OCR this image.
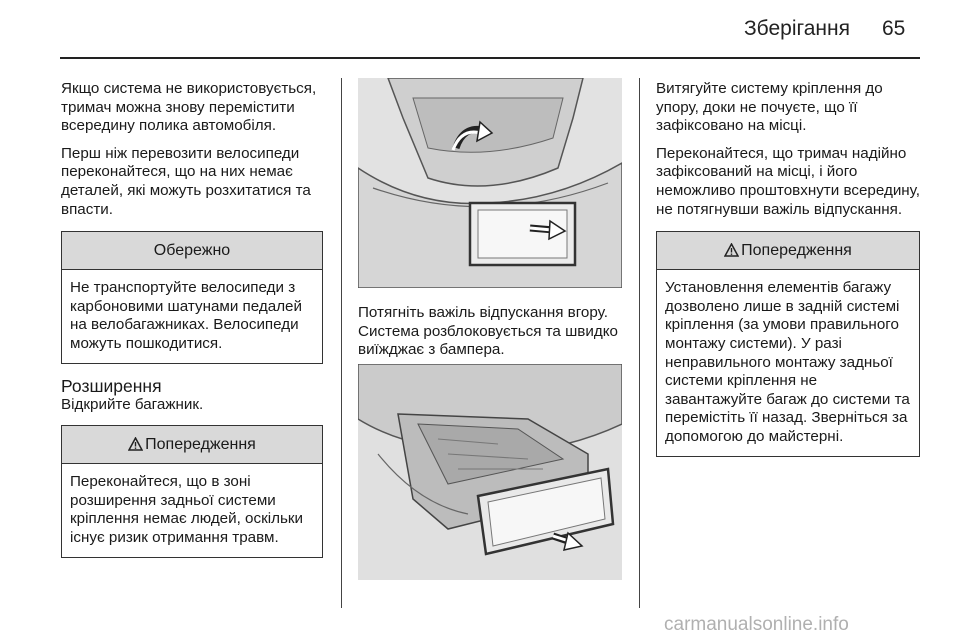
Зберігання 65

Якщо система не використовується, тримач можна знову перемістити всередину полика автомобіля.

Перш ніж перевозити велосипеди переконайтеся, що на них немає деталей, які можуть розхитатися та впасти.

Обережно
Не транспортуйте велосипеди з карбоновими шатунами педалей на велобагажниках. Велосипеди можуть пошкодитися.
Розширення

Відкрийте багажник.

Попередження
Переконайтеся, що в зоні розширення задньої системи кріплення немає людей, оскільки існує ризик отримання травм.

Потягніть важіль відпускання вгору. Система розблоковується та швидко виїжджає з бампера.

Витягуйте систему кріплення до упору, доки не почуєте, що її зафіксовано на місці.

Переконайтеся, що тримач надійно зафіксований на місці, і його неможливо проштовхнути всередину, не потягнувши важіль відпускання.

Попередження
Установлення елементів багажу дозволено лише в задній системі кріплення (за умови правильного монтажу системи). У разі неправильного монтажу задньої системи кріплення не завантажуйте багаж до системи та перемістіть її назад. Зверніться за допомогою до майстерні.
carmanualsonline.info
